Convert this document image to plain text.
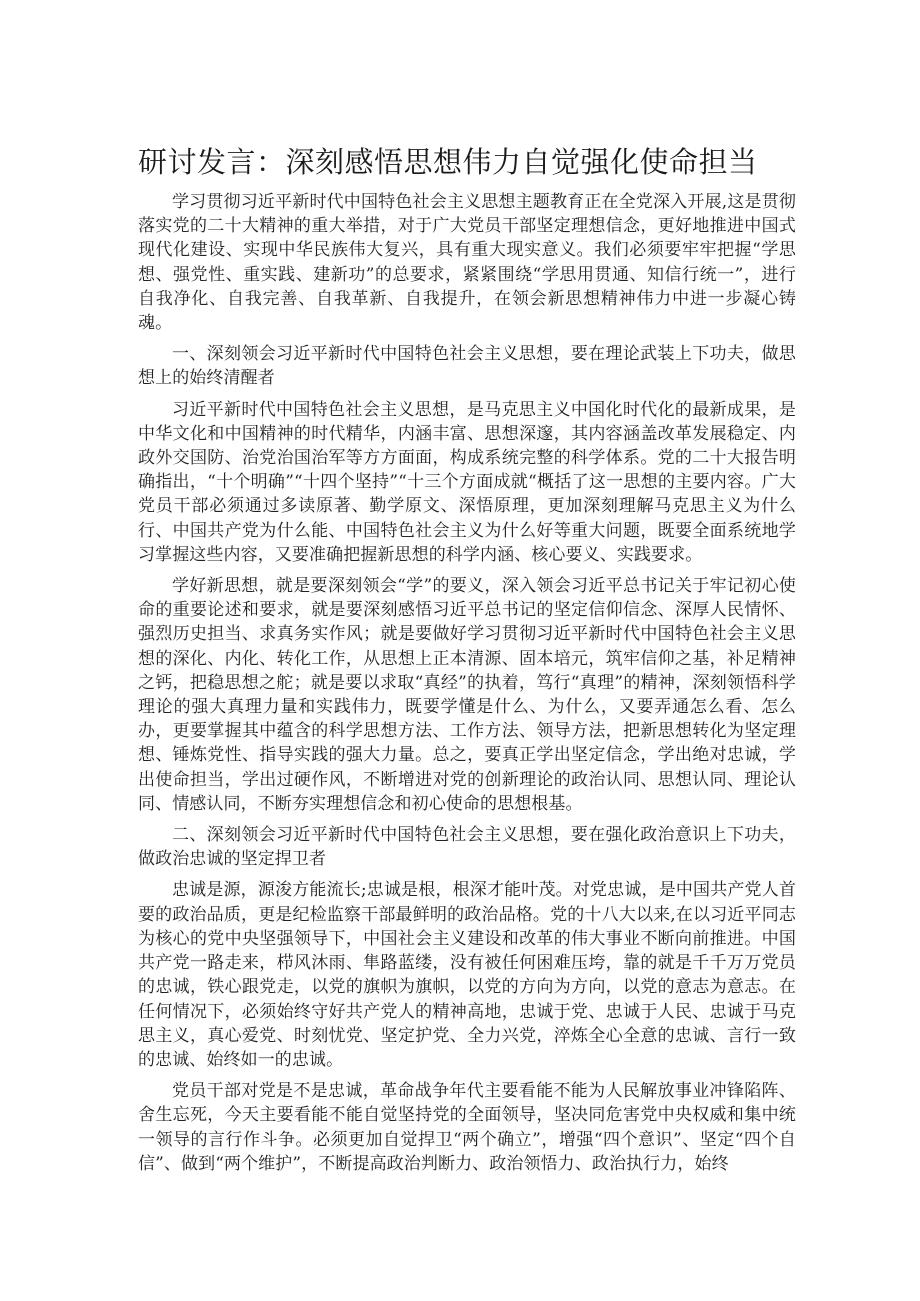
研讨发言：深刻感悟思想伟力自觉强化使命担当

学习贯彻习近平新时代中国特色社会主义思想主题教育正在全党深入开展,这是贯彻落实党的二十大精神的重大举措，对于广大党员干部坚定理想信念，更好地推进中国式现代化建设、实现中华民族伟大复兴，具有重大现实意义。我们必须要牢牢把握“学思想、强党性、重实践、建新功”的总要求，紧紧围绕“学思用贯通、知信行统一”，进行自我净化、自我完善、自我革新、自我提升，在领会新思想精神伟力中进一步凝心铸魂。

一、深刻领会习近平新时代中国特色社会主义思想，要在理论武装上下功夫，做思想上的始终清醒者

习近平新时代中国特色社会主义思想，是马克思主义中国化时代化的最新成果，是中华文化和中国精神的时代精华，内涵丰富、思想深邃，其内容涵盖改革发展稳定、内政外交国防、治党治国治军等方方面面，构成系统完整的科学体系。党的二十大报告明确指出，“十个明确”“十四个坚持”“十三个方面成就“概括了这一思想的主要内容。广大党员干部必须通过多读原著、勤学原文、深悟原理，更加深刻理解马克思主义为什么行、中国共产党为什么能、中国特色社会主义为什么好等重大问题，既要全面系统地学习掌握这些内容，又要准确把握新思想的科学内涵、核心要义、实践要求。

学好新思想，就是要深刻领会“学”的要义，深入领会习近平总书记关于牢记初心使命的重要论述和要求，就是要深刻感悟习近平总书记的坚定信仰信念、深厚人民情怀、强烈历史担当、求真务实作风；就是要做好学习贯彻习近平新时代中国特色社会主义思想的深化、内化、转化工作，从思想上正本清源、固本培元，筑牢信仰之基，补足精神之钙，把稳思想之舵；就是要以求取“真经”的执着，笃行“真理”的精神，深刻领悟科学理论的强大真理力量和实践伟力，既要学懂是什么、为什么，又要弄通怎么看、怎么办，更要掌握其中蕴含的科学思想方法、工作方法、领导方法，把新思想转化为坚定理想、锤炼党性、指导实践的强大力量。总之，要真正学出坚定信念，学出绝对忠诚，学出使命担当，学出过硬作风，不断增进对党的创新理论的政治认同、思想认同、理论认同、情感认同，不断夯实理想信念和初心使命的思想根基。

二、深刻领会习近平新时代中国特色社会主义思想，要在强化政治意识上下功夫，做政治忠诚的坚定捍卫者

忠诚是源，源浚方能流长;忠诚是根，根深才能叶茂。对党忠诚，是中国共产党人首要的政治品质，更是纪检监察干部最鲜明的政治品格。党的十八大以来,在以习近平同志为核心的党中央坚强领导下，中国社会主义建设和改革的伟大事业不断向前推进。中国共产党一路走来，栉风沐雨、隼路蓝缕，没有被任何困难压垮，靠的就是千千万万党员的忠诚，铁心跟党走，以党的旗帜为旗帜，以党的方向为方向，以党的意志为意志。在任何情况下，必须始终守好共产党人的精神高地，忠诚于党、忠诚于人民、忠诚于马克思主义，真心爱党、时刻忧党、坚定护党、全力兴党，淬炼全心全意的忠诚、言行一致的忠诚、始终如一的忠诚。

党员干部对党是不是忠诚，革命战争年代主要看能不能为人民解放事业冲锋陷阵、舍生忘死，今天主要看能不能自觉坚持党的全面领导，坚决同危害党中央权威和集中统一领导的言行作斗争。必须更加自觉捍卫“两个确立”，增强“四个意识”、坚定“四个自信”、做到“两个维护”，不断提高政治判断力、政治领悟力、政治执行力，始终
